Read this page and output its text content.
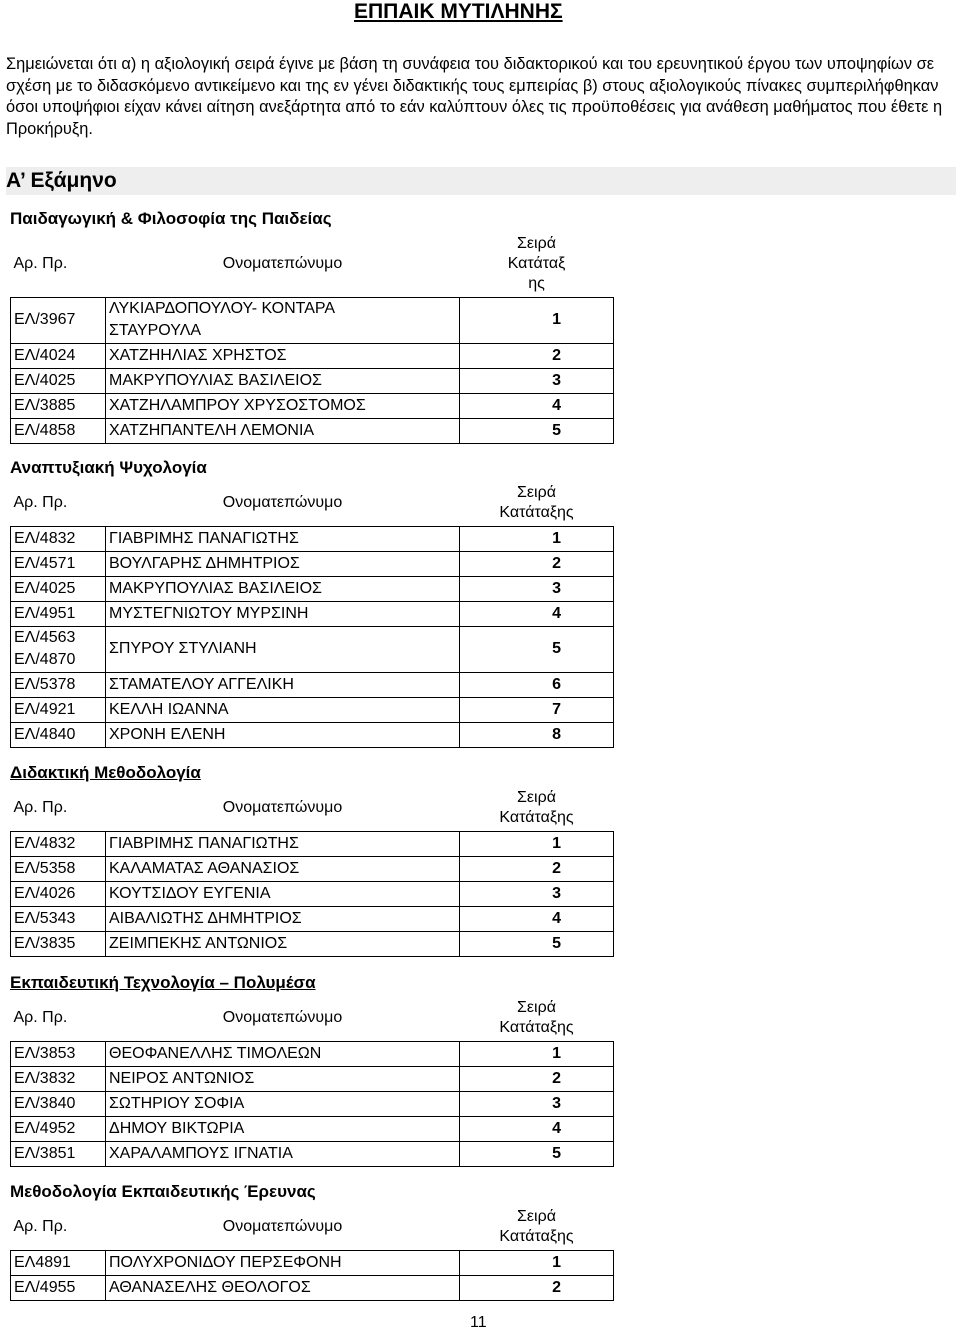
ΕΠΠΑΙΚ ΜΥΤΙΛΗΝΗΣ

Σημειώνεται ότι α) η αξιολογική σειρά έγινε με βάση τη συνάφεια του διδακτορικού και του ερευνητικού έργου των υποψηφίων σε σχέση με το διδασκόμενο αντικείμενο και της εν γένει διδακτικής τους εμπειρίας β) στους αξιολογικούς πίνακες συμπεριλήφθηκαν όσοι υποψήφιοι είχαν κάνει αίτηση ανεξάρτητα από το εάν καλύπτουν όλες τις προϋποθέσεις για ανάθεση μαθήματος που έθετε η Προκήρυξη.

Α’ Εξάμηνο
Παιδαγωγική & Φιλοσοφία της Παιδείας
Αρ. Πρ.	Ονοματεπώνυμο	Σειρά
Κατάταξ
ης

ΕΛ/3967	ΛΥΚΙΑΡΔΟΠΟΥΛΟΥ- ΚΟΝΤΑΡΑ
ΣΤΑΥΡΟΥΛΑ	1
ΕΛ/4024	ΧΑΤΖΗΗΛΙΑΣ ΧΡΗΣΤΟΣ	2
ΕΛ/4025	ΜΑΚΡΥΠΟΥΛΙΑΣ ΒΑΣΙΛΕΙΟΣ	3
ΕΛ/3885	ΧΑΤΖΗΛΑΜΠΡΟΥ ΧΡΥΣΟΣΤΟΜΟΣ	4
ΕΛ/4858	ΧΑΤΖΗΠΑΝΤΕΛΗ ΛΕΜΟΝΙΑ	5
Αναπτυξιακή Ψυχολογία
Αρ. Πρ.	Ονοματεπώνυμο	Σειρά
Κατάταξης

ΕΛ/4832	ΓΙΑΒΡΙΜΗΣ ΠΑΝΑΓΙΩΤΗΣ	1
ΕΛ/4571	ΒΟΥΛΓΑΡΗΣ ΔΗΜΗΤΡΙΟΣ	2
ΕΛ/4025	ΜΑΚΡΥΠΟΥΛΙΑΣ ΒΑΣΙΛΕΙΟΣ	3
ΕΛ/4951	ΜΥΣΤΕΓΝΙΩΤΟΥ ΜΥΡΣΙΝΗ	4

ΕΛ/4563
ΕΛ/4870	ΣΠΥΡΟΥ ΣΤΥΛΙΑΝΗ	5
ΕΛ/5378	ΣΤΑΜΑΤΕΛΟΥ ΑΓΓΕΛΙΚΗ	6
ΕΛ/4921	ΚΕΛΛΗ ΙΩΑΝΝΑ	7
ΕΛ/4840	ΧΡΟΝΗ ΕΛΕΝΗ	8
Διδακτική Μεθοδολογία
Αρ. Πρ.	Ονοματεπώνυμο	Σειρά
Κατάταξης

ΕΛ/4832	ΓΙΑΒΡΙΜΗΣ ΠΑΝΑΓΙΩΤΗΣ	1
ΕΛ/5358	ΚΑΛΑΜΑΤΑΣ ΑΘΑΝΑΣΙΟΣ	2
ΕΛ/4026	ΚΟΥΤΣΙΔΟΥ ΕΥΓΕΝΙΑ	3
ΕΛ/5343	ΑΙΒΑΛΙΩΤΗΣ ΔΗΜΗΤΡΙΟΣ	4
ΕΛ/3835	ΖΕΙΜΠΕΚΗΣ ΑΝΤΩΝΙΟΣ	5
Εκπαιδευτική Τεχνολογία – Πολυμέσα
Αρ. Πρ.	Ονοματεπώνυμο	Σειρά
Κατάταξης

ΕΛ/3853	ΘΕΟΦΑΝΕΛΛΗΣ ΤΙΜΟΛΕΩΝ	1
ΕΛ/3832	ΝΕΙΡΟΣ ΑΝΤΩΝΙΟΣ	2
ΕΛ/3840	ΣΩΤΗΡΙΟΥ ΣΟΦΙΑ	3
ΕΛ/4952	ΔΗΜΟΥ ΒΙΚΤΩΡΙΑ	4
ΕΛ/3851	ΧΑΡΑΛΑΜΠΟΥΣ ΙΓΝΑΤΙΑ	5
Μεθοδολογία Εκπαιδευτικής Έρευνας
Αρ. Πρ.	Ονοματεπώνυμο	Σειρά
Κατάταξης

ΕΛ4891	ΠΟΛΥΧΡΟΝΙΔΟΥ ΠΕΡΣΕΦΟΝΗ	1
ΕΛ/4955	ΑΘΑΝΑΣΕΛΗΣ ΘΕΟΛΟΓΟΣ	2
11
